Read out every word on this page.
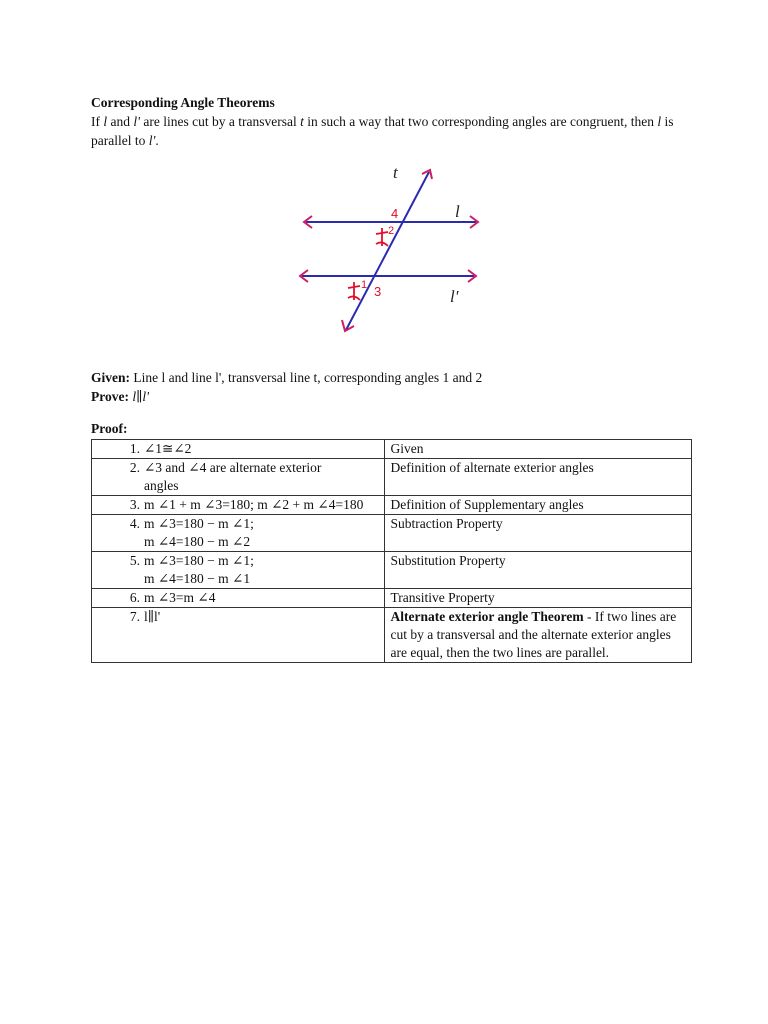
Corresponding Angle Theorems
If l and l' are lines cut by a transversal t in such a way that two corresponding angles are congruent, then l is parallel to l'.
t
l
l'
4
2
1 3
Given: Line l and line l', transversal line t, corresponding angles 1 and 2
Prove: l∥l'
Proof:
1. ∠1≅∠2	Given

2. ∠3 and ∠4 are alternate exterior
angles	Definition of alternate exterior angles

3. m ∠1 + m ∠3=180; m ∠2 + m ∠4=180	Definition of Supplementary angles

4. m ∠3=180 − m ∠1;
m ∠4=180 − m ∠2	Subtraction Property

5. m ∠3=180 − m ∠1;
m ∠4=180 − m ∠1	Substitution Property

6. m ∠3=m ∠4	Transitive Property

7. l∥l'	Alternate exterior angle Theorem - If two lines are cut by a transversal and the alternate exterior angles are equal, then the two lines are parallel.
